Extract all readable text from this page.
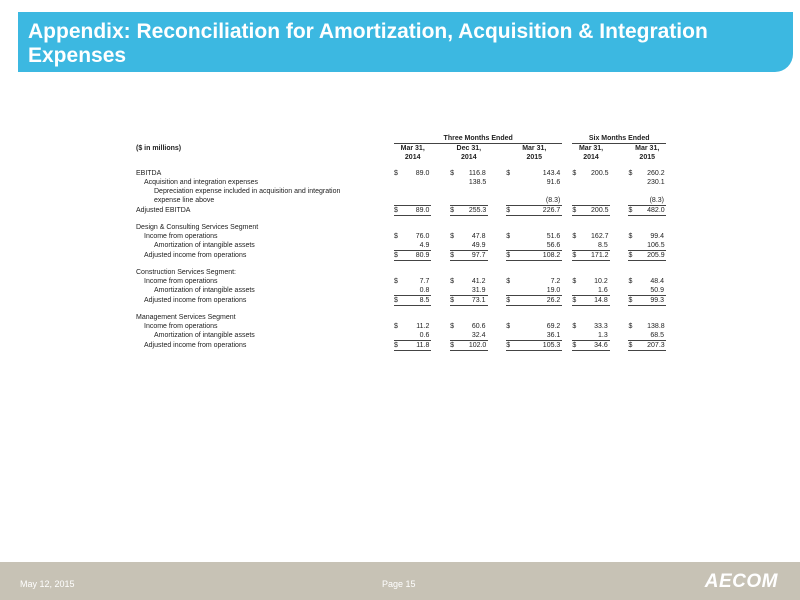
Appendix: Reconciliation for Amortization, Acquisition & Integration Expenses
		Three Months Ended									Six Months Ended				
($ in millions)		Mar 31,			Dec 31,			Mar 31,			Mar 31,			Mar 31,	
		2014			2014			2015			2014			2015	

EBITDA		$	89.0		$	116.8		$	143.4		$	200.5		$	260.2
Acquisition and integration expenses						138.5			91.6						230.1
Depreciation expense included in acquisition and integration															
expense line above									(8.3)						(8.3)
Adjusted EBITDA		$	89.0		$	255.3		$	226.7		$	200.5		$	482.0

Design & Consulting Services Segment															
Income from operations		$	76.0		$	47.8		$	51.6		$	162.7		$	99.4
Amortization of intangible assets			4.9			49.9			56.6			8.5			106.5
Adjusted income from operations		$	80.9		$	97.7		$	108.2		$	171.2		$	205.9

Construction Services Segment:															
Income from operations		$	7.7		$	41.2		$	7.2		$	10.2		$	48.4
Amortization of intangible assets			0.8			31.9			19.0			1.6			50.9
Adjusted income from operations		$	8.5		$	73.1		$	26.2		$	14.8		$	99.3

Management Services Segment															
Income from operations		$	11.2		$	60.6		$	69.2		$	33.3		$	138.8
Amortization of intangible assets			0.6			32.4			36.1			1.3			68.5
Adjusted income from operations		$	11.8		$	102.0		$	105.3		$	34.6		$	207.3
May 12, 2015	Page 15	AECOM
